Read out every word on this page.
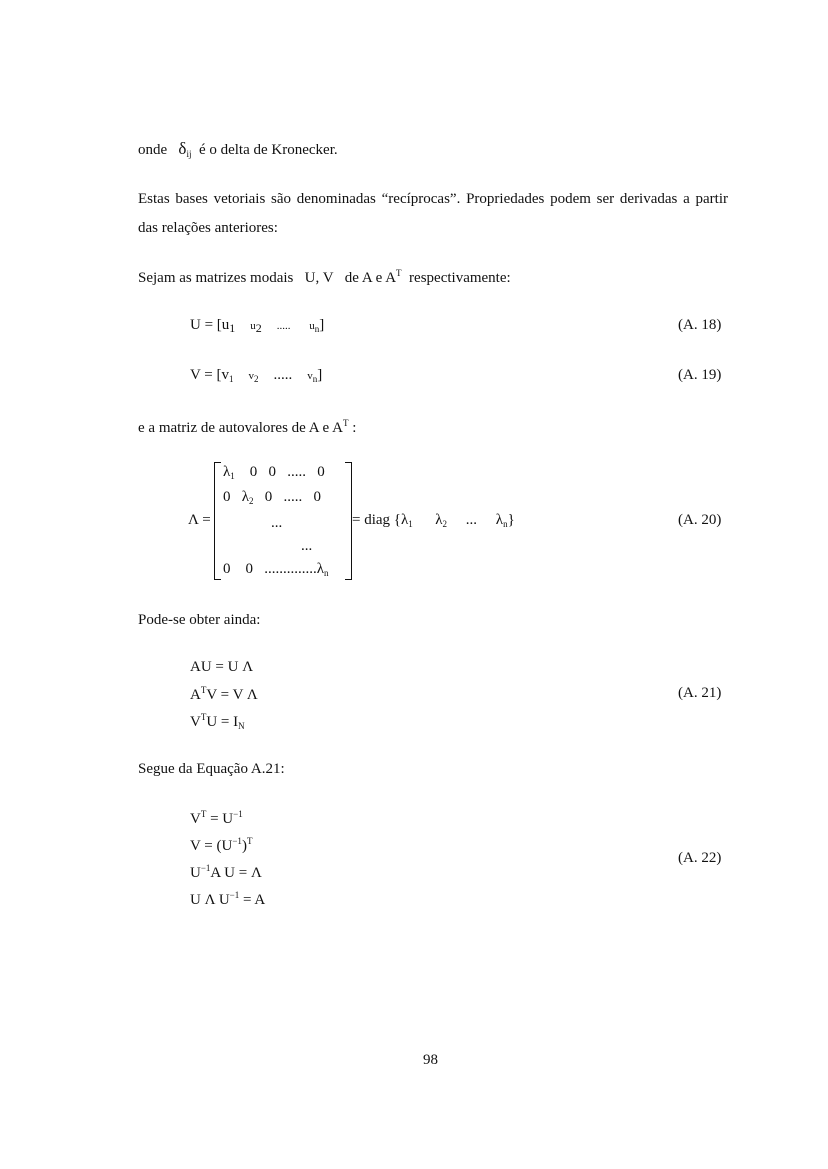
onde $\delta_{ij}$ é o delta de Kronecker.
Estas bases vetoriais são denominadas “recíprocas”. Propriedades podem ser derivadas a partir das relações anteriores:
Sejam as matrizes modais U, V de A e $A^T$ respectivamente:
$U = [u_1$ $u_2$ ..... $u_n$]	(A. 18)
$V = [v_1$ $v_2$ ..... $v_n$]	(A. 19)
e a matriz de autovalores de A e $A^T$ :
Λ =
$\lambda_1$ 0   0   .....   0
0 $\lambda_2$ 0   .....   0
...
...
0    0   $..............\lambda_n$
= diag {$\lambda_1$ $\lambda_2$ ... $\lambda_n$}	(A. 20)
Pode-se obter ainda:
AU = U Λ
$A^TV = V$ Λ
$V^TU = I_N$
(A. 21)
Segue da Equação A.21:
$V^T = U^{-1}$
$V = (U^{-1})^T$
$U^{-1}A$ U = Λ
U Λ $U^{-1} = A$
(A. 22)
98
